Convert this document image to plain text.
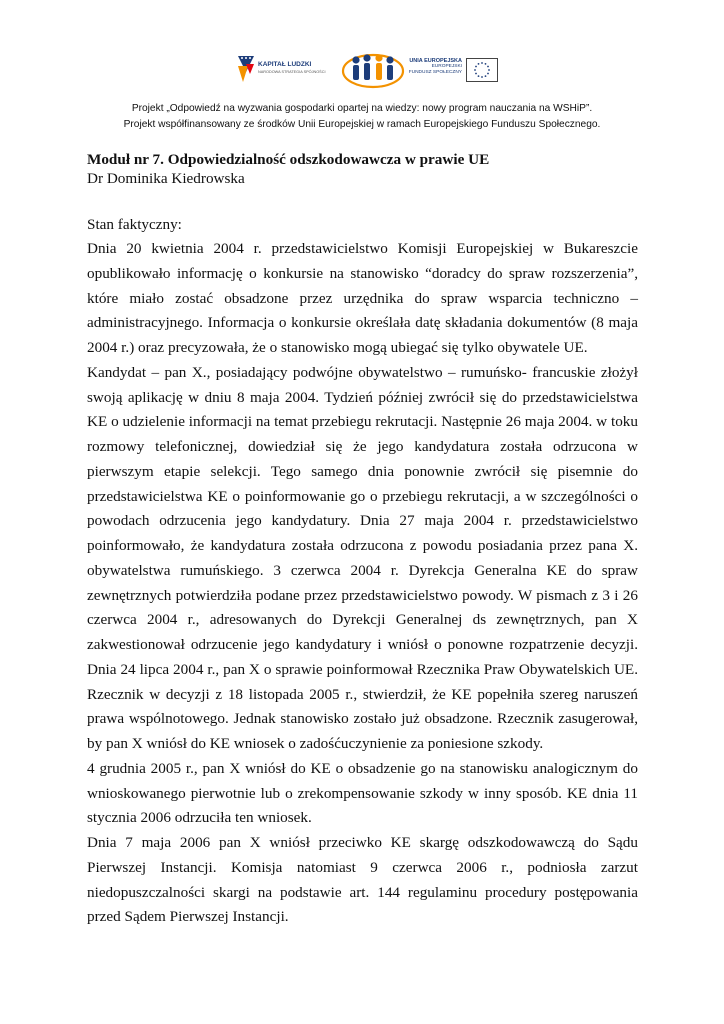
KAPITAŁ LUDZKI
NARODOWA STRATEGIA SPÓJNOŚCI
UNIA EUROPEJSKA
EUROPEJSKI
FUNDUSZ SPOŁECZNY
Projekt „Odpowiedź na wyzwania gospodarki opartej na wiedzy: nowy program nauczania na WSHiP”.
Projekt współfinansowany ze środków Unii Europejskiej w ramach Europejskiego Funduszu Społecznego.

Moduł nr 7. Odpowiedzialność odszkodowawcza w prawie UE

Dr Dominika Kiedrowska

Stan faktyczny:

Dnia 20 kwietnia 2004 r. przedstawicielstwo Komisji Europejskiej w Bukareszcie opublikowało informację o konkursie na stanowisko “doradcy do spraw rozszerzenia”, które miało zostać obsadzone przez urzędnika do spraw wsparcia techniczno – administracyjnego. Informacja o konkursie określała datę składania dokumentów (8 maja 2004 r.) oraz precyzowała, że o stanowisko mogą ubiegać się tylko obywatele UE.

Kandydat – pan X., posiadający podwójne obywatelstwo – rumuńsko- francuskie złożył swoją aplikację w dniu 8 maja 2004. Tydzień później zwrócił się do przedstawicielstwa KE o udzielenie informacji na temat przebiegu rekrutacji. Następnie 26 maja 2004. w toku rozmowy telefonicznej, dowiedział się że jego kandydatura została odrzucona w pierwszym etapie selekcji. Tego samego dnia ponownie zwrócił się pisemnie do przedstawicielstwa KE o poinformowanie go o przebiegu rekrutacji, a w szczególności o powodach odrzucenia jego kandydatury. Dnia 27 maja 2004 r. przedstawicielstwo poinformowało, że kandydatura została odrzucona z powodu posiadania przez pana X. obywatelstwa rumuńskiego. 3 czerwca 2004 r. Dyrekcja Generalna KE do spraw zewnętrznych potwierdziła podane przez przedstawicielstwo powody. W pismach z 3 i 26 czerwca 2004 r., adresowanych do Dyrekcji Generalnej ds zewnętrznych, pan X zakwestionował odrzucenie jego kandydatury i wniósł o ponowne rozpatrzenie decyzji. Dnia 24 lipca 2004 r., pan X o sprawie poinformował Rzecznika Praw Obywatelskich UE. Rzecznik w decyzji z 18 listopada 2005 r., stwierdził, że KE popełniła szereg naruszeń prawa wspólnotowego. Jednak stanowisko zostało już obsadzone. Rzecznik zasugerował, by pan X wniósł do KE wniosek o zadośćuczynienie za poniesione szkody.

4 grudnia 2005 r., pan X wniósł do KE o obsadzenie go na stanowisku analogicznym do wnioskowanego pierwotnie lub o zrekompensowanie szkody w inny sposób. KE dnia 11 stycznia 2006 odrzuciła ten wniosek.

Dnia 7 maja 2006 pan X wniósł przeciwko KE skargę odszkodowawczą do Sądu Pierwszej Instancji. Komisja natomiast 9 czerwca 2006 r., podniosła zarzut niedopuszczalności skargi na podstawie art. 144 regulaminu procedury postępowania przed Sądem Pierwszej Instancji.
